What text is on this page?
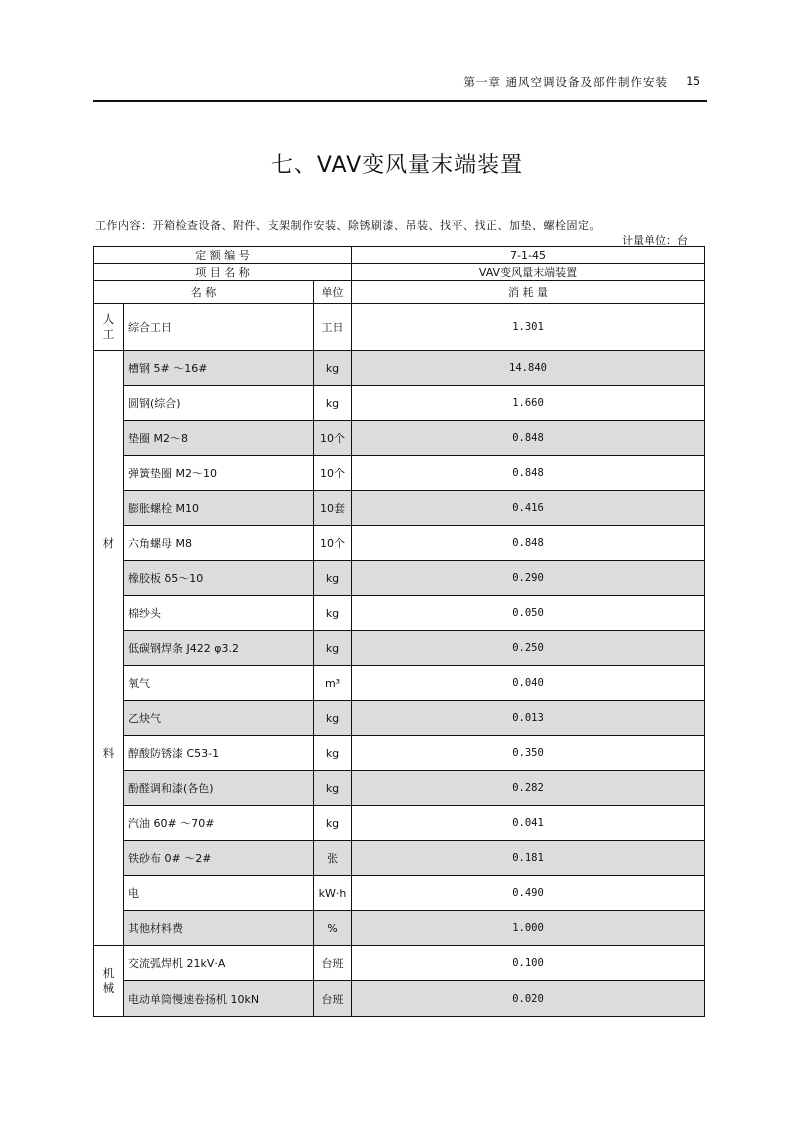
第一章 通风空调设备及部件制作安装 15
七、VAV变风量末端装置
工作内容：开箱检查设备、附件、支架制作安装、除锈刷漆、吊装、找平、找正、加垫、螺栓固定。
计量单位：台
定 额 编 号			7-1-45
项 目 名 称			VAV变风量末端装置
名 称		单位	消 耗 量
人工	综合工日	工日	1.301
材料	槽钢 5# ～16#	kg	14.840
	圆钢(综合)	kg	1.660
	垫圈 M2～8	10个	0.848
	弹簧垫圈 M2～10	10个	0.848
	膨胀螺栓 M10	10套	0.416
	六角螺母 M8	10个	0.848
	橡胶板 δ5～10	kg	0.290
	棉纱头	kg	0.050
	低碳钢焊条 J422 φ3.2	kg	0.250
	氧气	m³	0.040
	乙炔气	kg	0.013
	醇酸防锈漆 C53-1	kg	0.350
	酚醛调和漆(各色)	kg	0.282
	汽油 60# ～70#	kg	0.041
	铁砂布 0# ～2#	张	0.181
	电	kW·h	0.490
	其他材料费	%	1.000
机械	交流弧焊机 21kV·A	台班	0.100
	电动单筒慢速卷扬机 10kN	台班	0.020
